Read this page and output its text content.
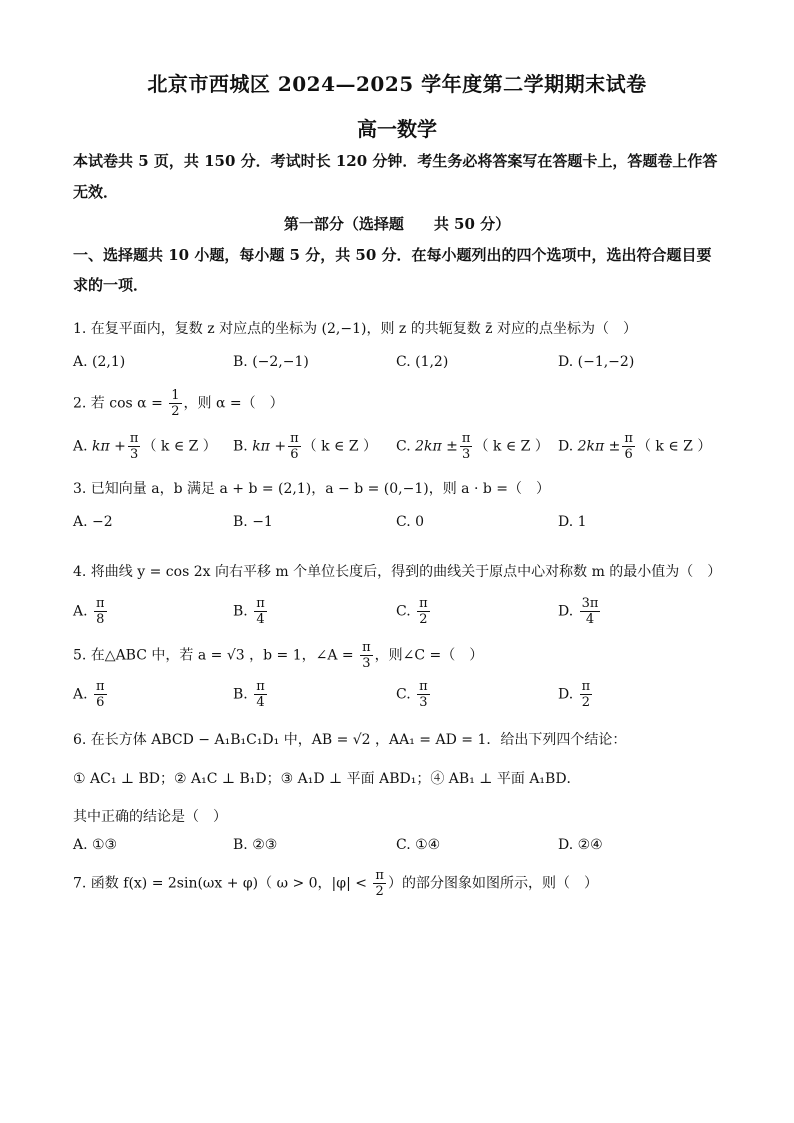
北京市西城区 2024—2025 学年度第二学期期末试卷
高一数学
本试卷共 5 页，共 150 分．考试时长 120 分钟．考生务必将答案写在答题卡上，答题卷上作答无效．
第一部分（选择题　　共 50 分）
一、选择题共 10 小题，每小题 5 分，共 50 分．在每小题列出的四个选项中，选出符合题目要求的一项．
1. 在复平面内，复数 z 对应点的坐标为 (2,−1)，则 z 的共轭复数 z̄ 对应的点坐标为（　）
A. (2,1)	B. (−2,−1)	C. (1,2)	D. (−1,−2)
2. 若 $\cos \alpha = \frac{1}{2}$ ，则 α =（　）
A. $k\pi + \frac{\pi}{3}$ （ k ∈ Z ） B. $k\pi + \frac{\pi}{6}$ （ k ∈ Z ） C. $2k\pi \pm \frac{\pi}{3}$ （ k ∈ Z ） D. $2k\pi \pm \frac{\pi}{6}$ （ k ∈ Z ）
3. 已知向量 a，b 满足 a + b = (2,1)，a − b = (0,−1)，则 a · b =（　）
A. −2	B. −1	C. 0	D. 1
4. 将曲线 y = cos 2x 向右平移 m 个单位长度后，得到的曲线关于原点中心对称数 m 的最小值为（　）
A. $\frac{\pi}{8}$	B. $\frac{\pi}{4}$	C. $\frac{\pi}{2}$	D. $\frac{3\pi}{4}$
5. 在△ABC 中，若 a = √3 ，b = 1，∠A = $\frac{\pi}{3}$ ，则∠C =（　）
A. $\frac{\pi}{6}$	B. $\frac{\pi}{4}$	C. $\frac{\pi}{3}$	D. $\frac{\pi}{2}$
6. 在长方体 ABCD − A₁B₁C₁D₁ 中，AB = √2 ，AA₁ = AD = 1．给出下列四个结论：
① AC₁ ⊥ BD；② A₁C ⊥ B₁D；③ A₁D ⊥ 平面 ABD₁；④ AB₁ ⊥ 平面 A₁BD．
其中正确的结论是（　）
A. ①③	B. ②③	C. ①④	D. ②④
7. 函数 f(x) = 2sin(ωx + φ)（ ω > 0，$|\varphi| < \frac{\pi}{2}$ ）的部分图象如图所示，则（　）
